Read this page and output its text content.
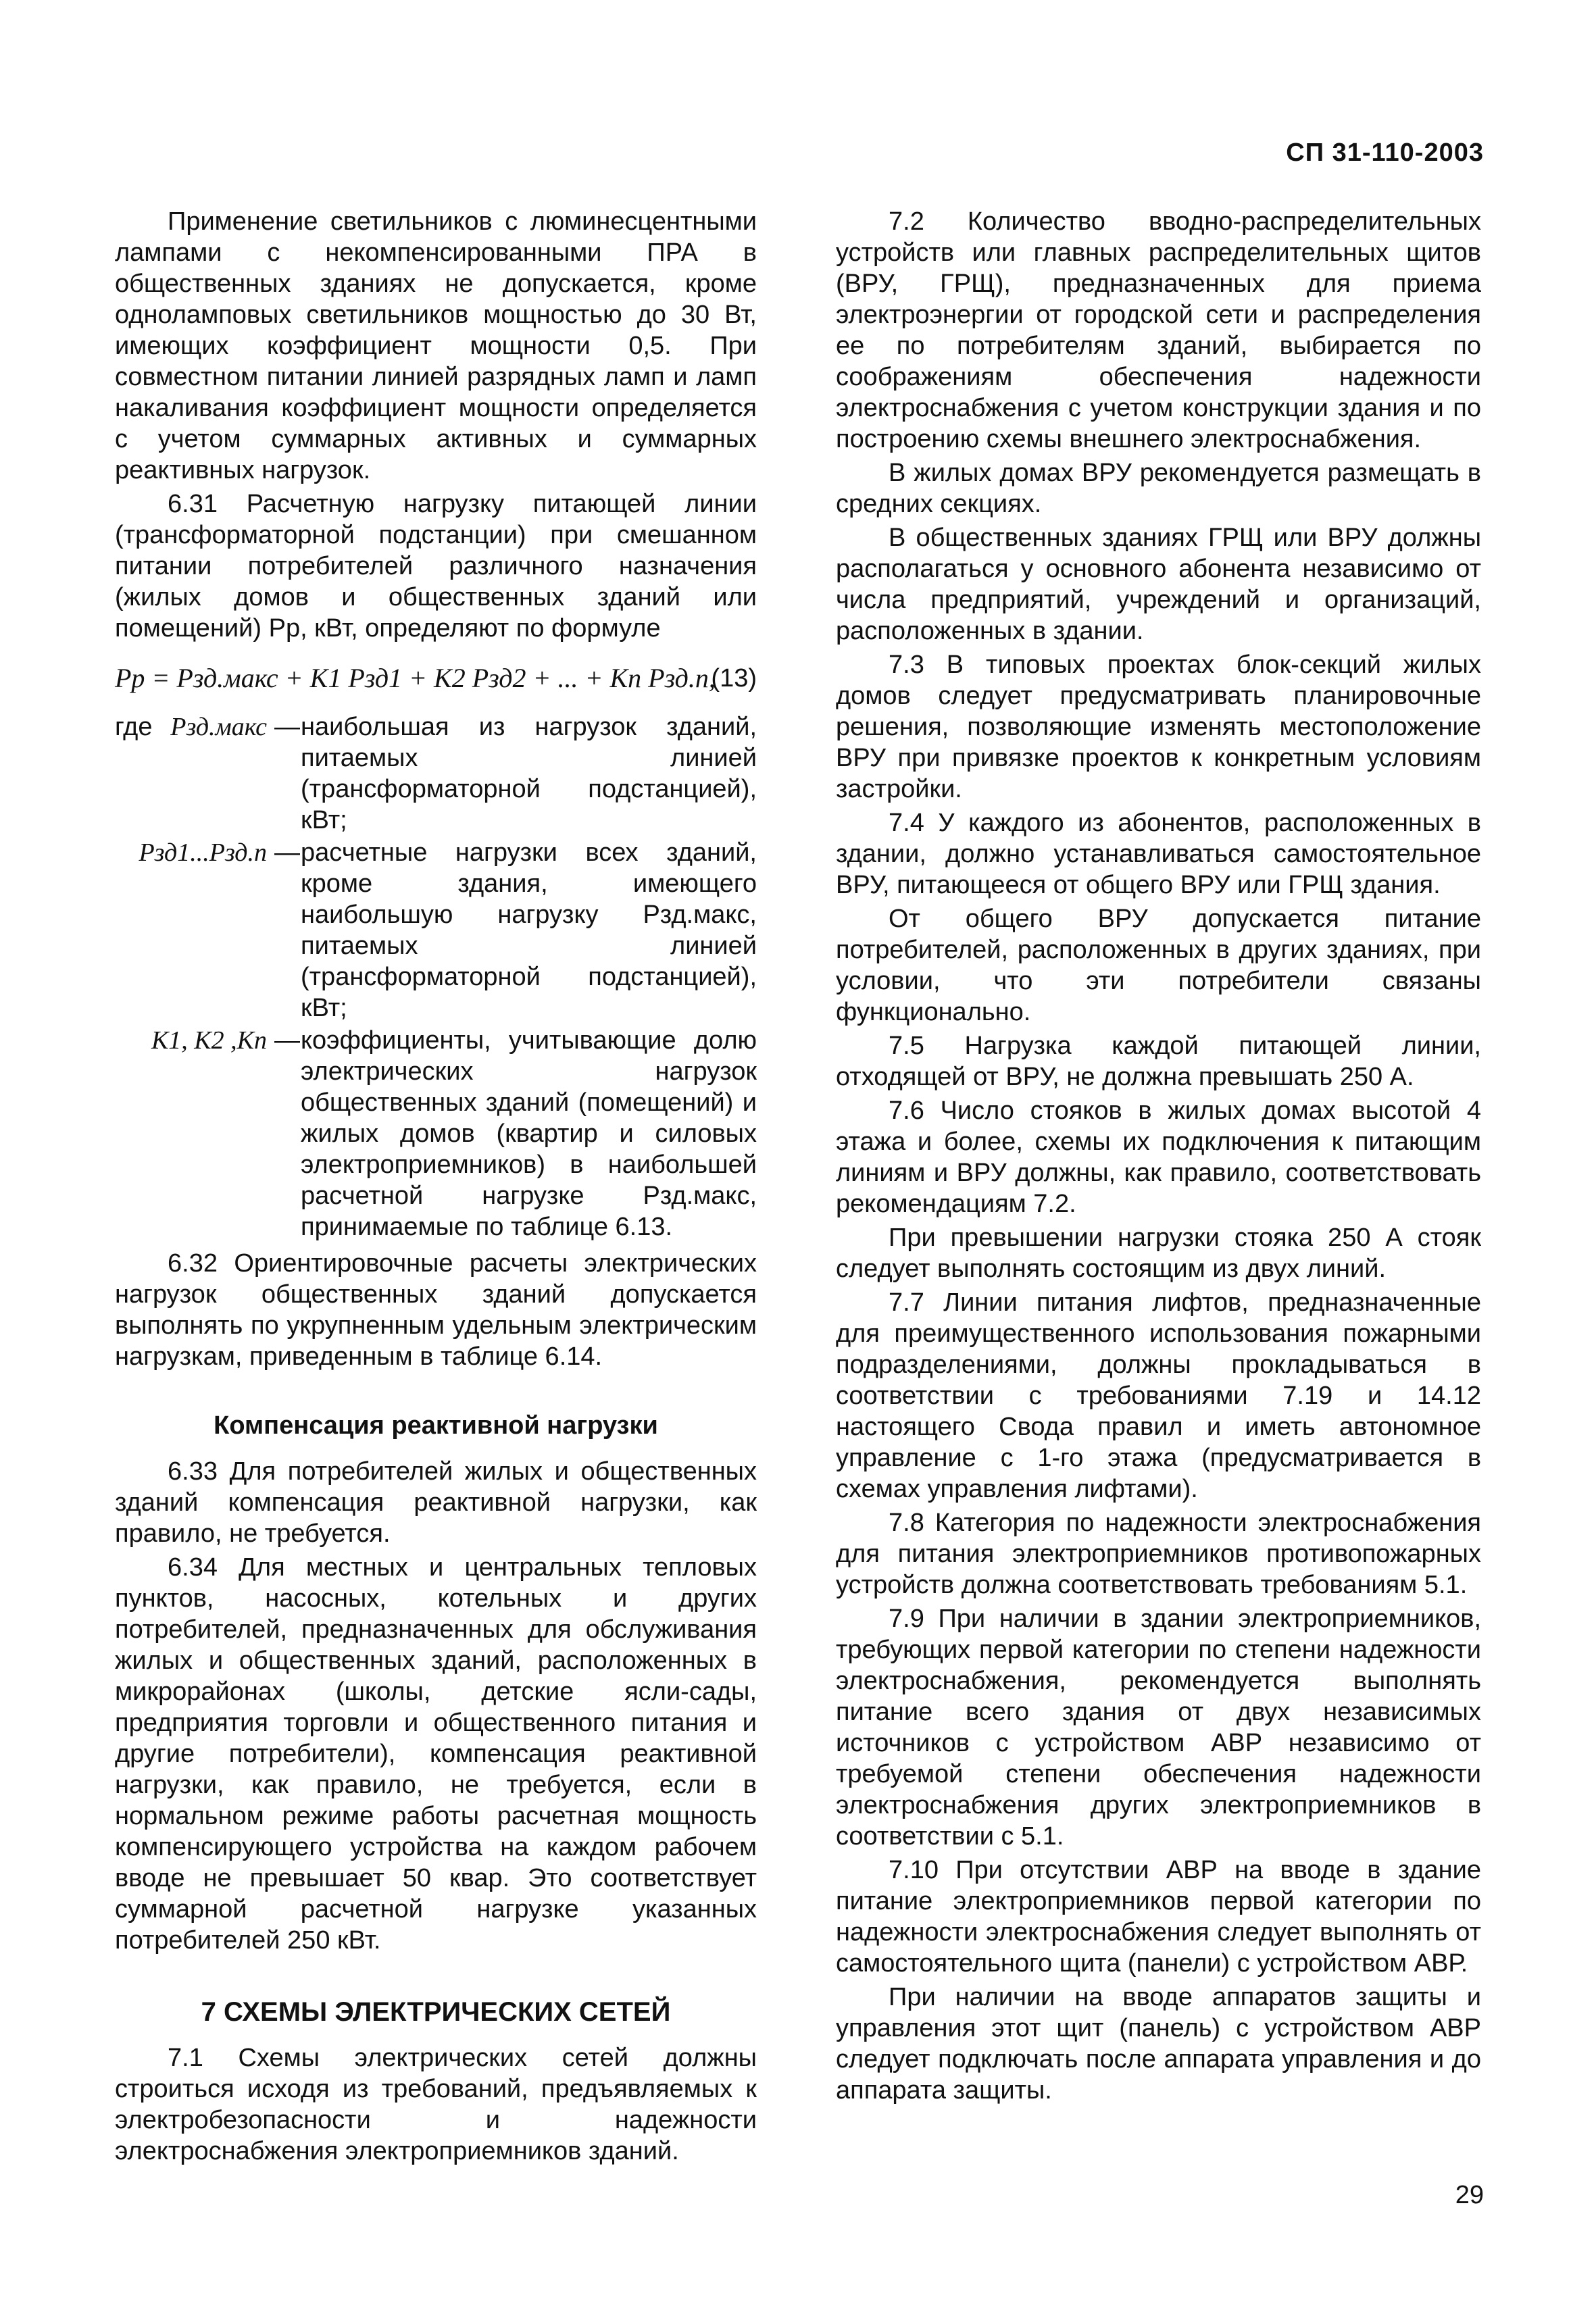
СП 31-110-2003

Применение светильников с люминесцентными лампами с некомпенсированными ПРА в общественных зданиях не допускается, кроме одноламповых светильников мощностью до 30 Вт, имеющих коэффициент мощности 0,5. При совместном питании линией разрядных ламп и ламп накаливания коэффициент мощности определяется с учетом суммарных активных и суммарных реактивных нагрузок.

6.31 Расчетную нагрузку питающей линии (трансформаторной подстанции) при смешанном питании потребителей различного назначения (жилых домов и общественных зданий или помещений) Pр, кВт, определяют по формуле

Pр = Pзд.макс + K1 Pзд1 + K2 Pзд2 + ... + Kn Pзд.n,
(13)
где Pзд.макс — наибольшая из нагрузок зданий, питаемых линией (трансформаторной подстанцией), кВт;
Pзд1...Pзд.n — расчетные нагрузки всех зданий, кроме здания, имеющего наибольшую нагрузку Pзд.макс, питаемых линией (трансформаторной подстанцией), кВт;
K1, K2 ,Kn — коэффициенты, учитывающие долю электрических нагрузок общественных зданий (помещений) и жилых домов (квартир и силовых электроприемников) в наибольшей расчетной нагрузке Pзд.макс, принимаемые по таблице 6.13.

6.32 Ориентировочные расчеты электрических нагрузок общественных зданий допускается выполнять по укрупненным удельным электрическим нагрузкам, приведенным в таблице 6.14.

Компенсация реактивной нагрузки

6.33 Для потребителей жилых и общественных зданий компенсация реактивной нагрузки, как правило, не требуется.

6.34 Для местных и центральных тепловых пунктов, насосных, котельных и других потребителей, предназначенных для обслуживания жилых и общественных зданий, расположенных в микрорайонах (школы, детские ясли-сады, предприятия торговли и общественного питания и другие потребители), компенсация реактивной нагрузки, как правило, не требуется, если в нормальном режиме работы расчетная мощность компенсирующего устройства на каждом рабочем вводе не превышает 50 квар. Это соответствует суммарной расчетной нагрузке указанных потребителей 250 кВт.

7 СХЕМЫ ЭЛЕКТРИЧЕСКИХ СЕТЕЙ

7.1 Схемы электрических сетей должны строиться исходя из требований, предъявляемых к электробезопасности и надежности электроснабжения электроприемников зданий.

7.2 Количество вводно-распределительных устройств или главных распределительных щитов (ВРУ, ГРЩ), предназначенных для приема электроэнергии от городской сети и распределения ее по потребителям зданий, выбирается по соображениям обеспечения надежности электроснабжения с учетом конструкции здания и по построению схемы внешнего электроснабжения.

В жилых домах ВРУ рекомендуется размещать в средних секциях.

В общественных зданиях ГРЩ или ВРУ должны располагаться у основного абонента независимо от числа предприятий, учреждений и организаций, расположенных в здании.

7.3 В типовых проектах блок-секций жилых домов следует предусматривать планировочные решения, позволяющие изменять местоположение ВРУ при привязке проектов к конкретным условиям застройки.

7.4 У каждого из абонентов, расположенных в здании, должно устанавливаться самостоятельное ВРУ, питающееся от общего ВРУ или ГРЩ здания.

От общего ВРУ допускается питание потребителей, расположенных в других зданиях, при условии, что эти потребители связаны функционально.

7.5 Нагрузка каждой питающей линии, отходящей от ВРУ, не должна превышать 250 А.

7.6 Число стояков в жилых домах высотой 4 этажа и более, схемы их подключения к питающим линиям и ВРУ должны, как правило, соответствовать рекомендациям 7.2.

При превышении нагрузки стояка 250 А стояк следует выполнять состоящим из двух линий.

7.7 Линии питания лифтов, предназначенные для преимущественного использования пожарными подразделениями, должны прокладываться в соответствии с требованиями 7.19 и 14.12 настоящего Свода правил и иметь автономное управление с 1-го этажа (предусматривается в схемах управления лифтами).

7.8 Категория по надежности электроснабжения для питания электроприемников противопожарных устройств должна соответствовать требованиям 5.1.

7.9 При наличии в здании электроприемников, требующих первой категории по степени надежности электроснабжения, рекомендуется выполнять питание всего здания от двух независимых источников с устройством АВР независимо от требуемой степени обеспечения надежности электроснабжения других электроприемников в соответствии с 5.1.

7.10 При отсутствии АВР на вводе в здание питание электроприемников первой категории по надежности электроснабжения следует выполнять от самостоятельного щита (панели) с устройством АВР.

При наличии на вводе аппаратов защиты и управления этот щит (панель) с устройством АВР следует подключать после аппарата управления и до аппарата защиты.

29
